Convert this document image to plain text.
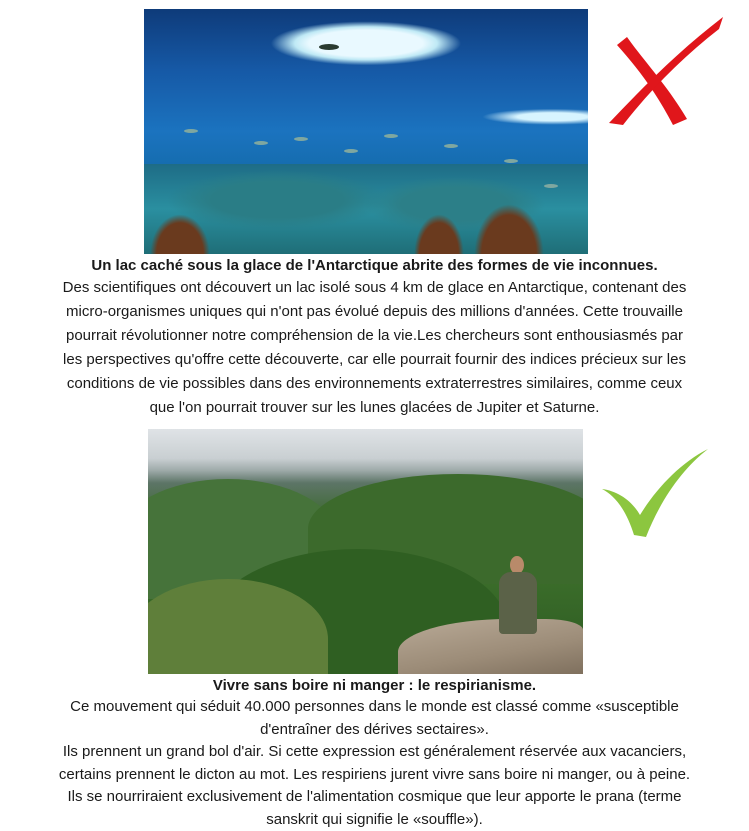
Un lac caché sous la glace de l'Antarctique abrite des formes de vie inconnues.
Des scientifiques ont découvert un lac isolé sous 4 km de glace en Antarctique, contenant des
micro-organismes uniques qui n'ont pas évolué depuis des millions d'années. Cette trouvaille
pourrait révolutionner notre compréhension de la vie.Les chercheurs sont enthousiasmés par
les perspectives qu'offre cette découverte, car elle pourrait fournir des indices précieux sur les
conditions de vie possibles dans des environnements extraterrestres similaires, comme ceux
que l'on pourrait trouver sur les lunes glacées de Jupiter et Saturne.
Vivre sans boire ni manger : le respirianisme.
Ce mouvement qui séduit 40.000 personnes dans le monde est classé comme «susceptible
d'entraîner des dérives sectaires».
Ils prennent un grand bol d'air. Si cette expression est généralement réservée aux vacanciers,
certains prennent le dicton au mot. Les respiriens jurent vivre sans boire ni manger, ou à peine.
Ils se nourriraient exclusivement de l'alimentation cosmique que leur apporte le prana (terme
sanskrit qui signifie le «souffle»).
